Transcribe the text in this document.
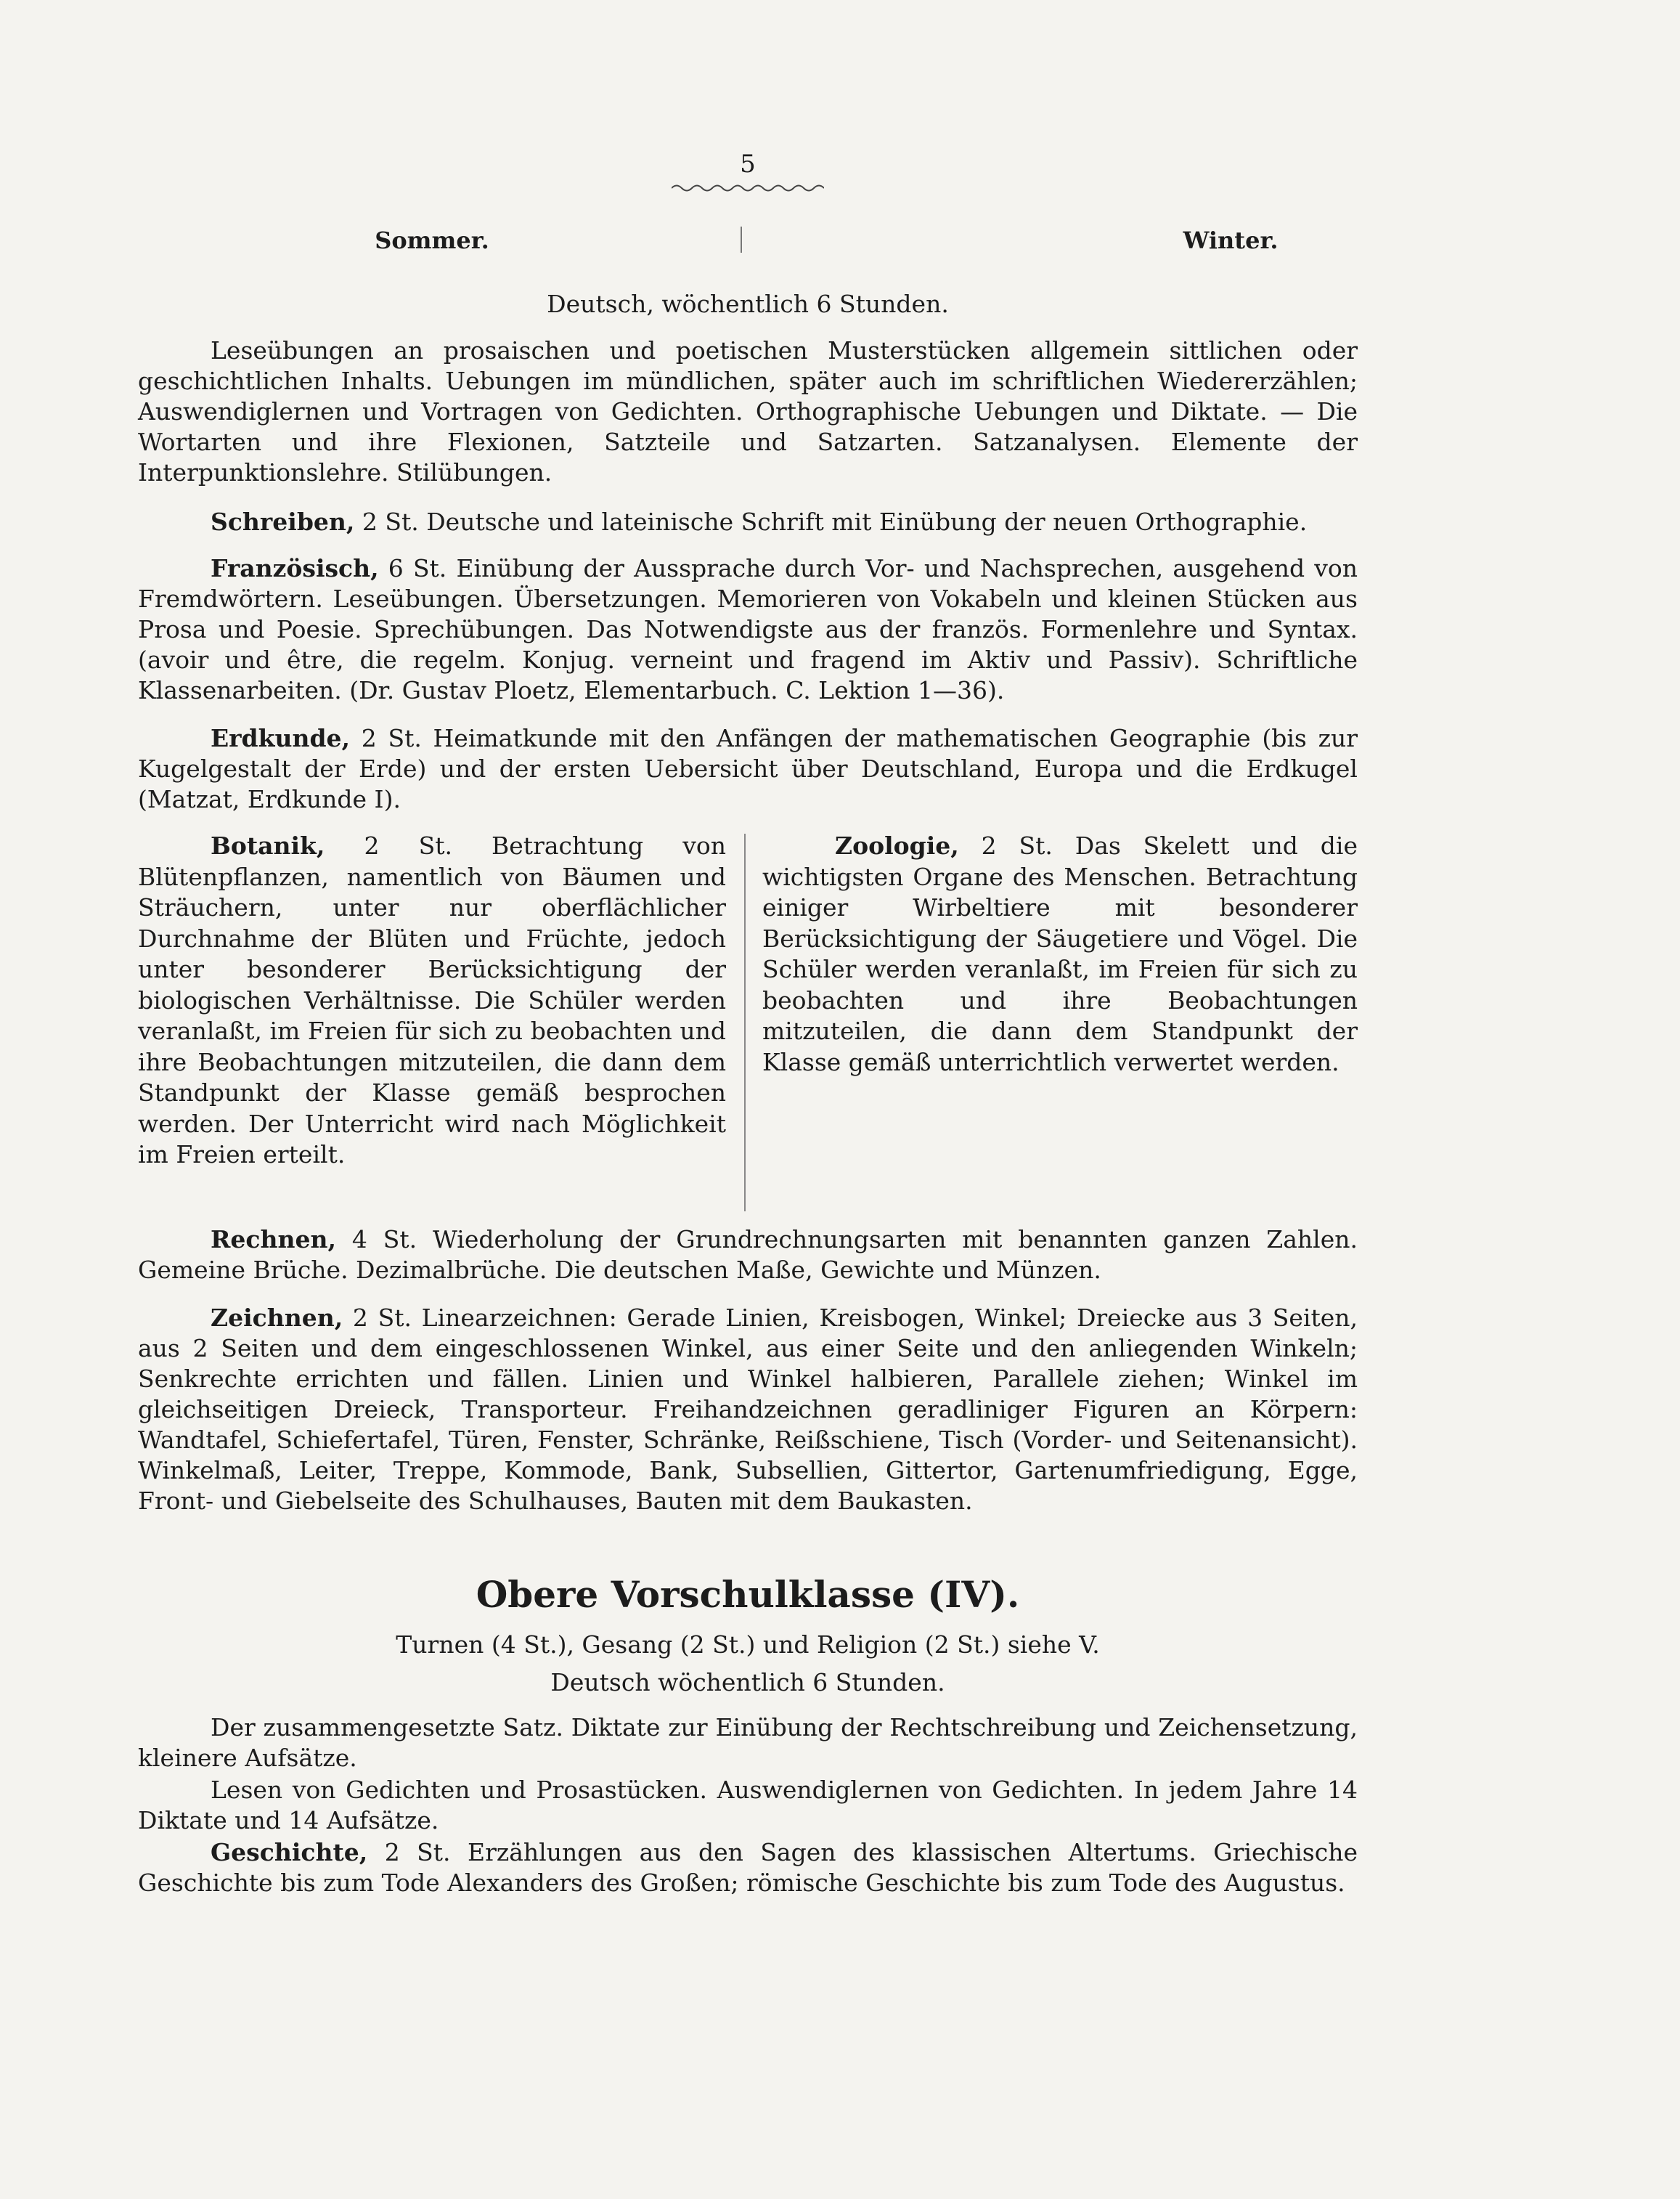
5
Sommer.	Winter.
Deutsch, wöchentlich 6 Stunden.
Leseübungen an prosaischen und poetischen Musterstücken allgemein sittlichen oder geschichtlichen Inhalts. Uebungen im mündlichen, später auch im schriftlichen Wiedererzählen; Auswendiglernen und Vortragen von Gedichten. Orthographische Uebungen und Diktate. — Die Wortarten und ihre Flexionen, Satzteile und Satzarten. Satzanalysen. Elemente der Interpunktionslehre. Stilübungen.
Schreiben, 2 St. Deutsche und lateinische Schrift mit Einübung der neuen Orthographie.
Französisch, 6 St. Einübung der Aussprache durch Vor- und Nachsprechen, ausgehend von Fremdwörtern. Leseübungen. Übersetzungen. Memorieren von Vokabeln und kleinen Stücken aus Prosa und Poesie. Sprechübungen. Das Notwendigste aus der französ. Formenlehre und Syntax. (avoir und être, die regelm. Konjug. verneint und fragend im Aktiv und Passiv). Schriftliche Klassenarbeiten. (Dr. Gustav Ploetz, Elementarbuch. C. Lektion 1—36).
Erdkunde, 2 St. Heimatkunde mit den Anfängen der mathematischen Geographie (bis zur Kugelgestalt der Erde) und der ersten Uebersicht über Deutschland, Europa und die Erdkugel (Matzat, Erdkunde I).
Botanik, 2 St. Betrachtung von Blütenpflanzen, namentlich von Bäumen und Sträuchern, unter nur oberflächlicher Durchnahme der Blüten und Früchte, jedoch unter besonderer Berücksichtigung der biologischen Verhältnisse. Die Schüler werden veranlaßt, im Freien für sich zu beobachten und ihre Beobachtungen mitzuteilen, die dann dem Standpunkt der Klasse gemäß besprochen werden. Der Unterricht wird nach Möglichkeit im Freien erteilt.
Zoologie, 2 St. Das Skelett und die wichtigsten Organe des Menschen. Betrachtung einiger Wirbeltiere mit besonderer Berücksichtigung der Säugetiere und Vögel. Die Schüler werden veranlaßt, im Freien für sich zu beobachten und ihre Beobachtungen mitzuteilen, die dann dem Standpunkt der Klasse gemäß unterrichtlich verwertet werden.
Rechnen, 4 St. Wiederholung der Grundrechnungsarten mit benannten ganzen Zahlen. Gemeine Brüche. Dezimalbrüche. Die deutschen Maße, Gewichte und Münzen.
Zeichnen, 2 St. Linearzeichnen: Gerade Linien, Kreisbogen, Winkel; Dreiecke aus 3 Seiten, aus 2 Seiten und dem eingeschlossenen Winkel, aus einer Seite und den anliegenden Winkeln; Senkrechte errichten und fällen. Linien und Winkel halbieren, Parallele ziehen; Winkel im gleichseitigen Dreieck, Transporteur. Freihandzeichnen geradliniger Figuren an Körpern: Wandtafel, Schiefertafel, Türen, Fenster, Schränke, Reißschiene, Tisch (Vorder- und Seitenansicht). Winkelmaß, Leiter, Treppe, Kommode, Bank, Subsellien, Gittertor, Gartenumfriedigung, Egge, Front- und Giebelseite des Schulhauses, Bauten mit dem Baukasten.
Obere Vorschulklasse (IV).
Turnen (4 St.), Gesang (2 St.) und Religion (2 St.) siehe V.
Deutsch wöchentlich 6 Stunden.
Der zusammengesetzte Satz. Diktate zur Einübung der Rechtschreibung und Zeichensetzung, kleinere Aufsätze.
Lesen von Gedichten und Prosastücken. Auswendiglernen von Gedichten. In jedem Jahre 14 Diktate und 14 Aufsätze.
Geschichte, 2 St. Erzählungen aus den Sagen des klassischen Altertums. Griechische Geschichte bis zum Tode Alexanders des Großen; römische Geschichte bis zum Tode des Augustus.
